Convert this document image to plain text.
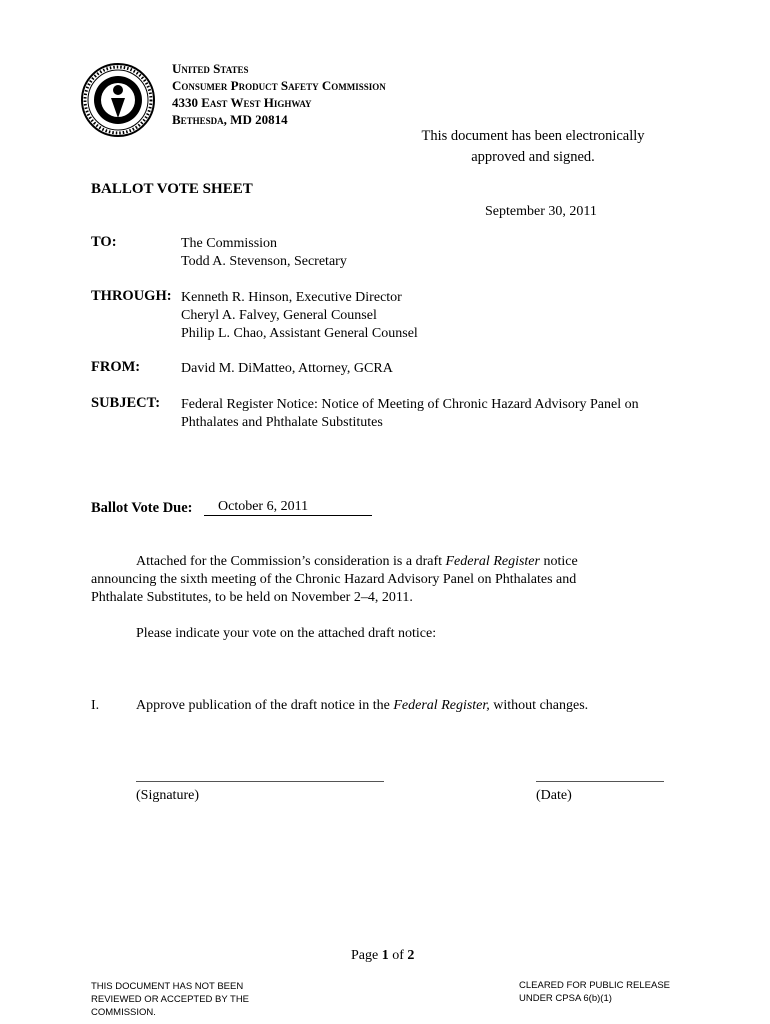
United States
Consumer Product Safety Commission
4330 East West Highway
Bethesda, MD 20814
This document has been electronically
approved and signed.
BALLOT VOTE SHEET
September 30, 2011
TO:	The Commission
Todd A. Stevenson, Secretary
THROUGH: Kenneth R. Hinson, Executive Director
Cheryl A. Falvey, General Counsel
Philip L. Chao, Assistant General Counsel
FROM:	David M. DiMatteo, Attorney, GCRA
SUBJECT: Federal Register Notice: Notice of Meeting of Chronic Hazard Advisory Panel on
Phthalates and Phthalate Substitutes
Ballot Vote Due: October 6, 2011
Attached for the Commission’s consideration is a draft Federal Register notice
announcing the sixth meeting of the Chronic Hazard Advisory Panel on Phthalates and
Phthalate Substitutes, to be held on November 2–4, 2011.
Please indicate your vote on the attached draft notice:
I.	Approve publication of the draft notice in the Federal Register, without changes.
(Signature)	(Date)
Page 1 of 2
THIS DOCUMENT HAS NOT BEEN
REVIEWED OR ACCEPTED BY THE
COMMISSION.
CLEARED FOR PUBLIC RELEASE
UNDER CPSA 6(b)(1)
